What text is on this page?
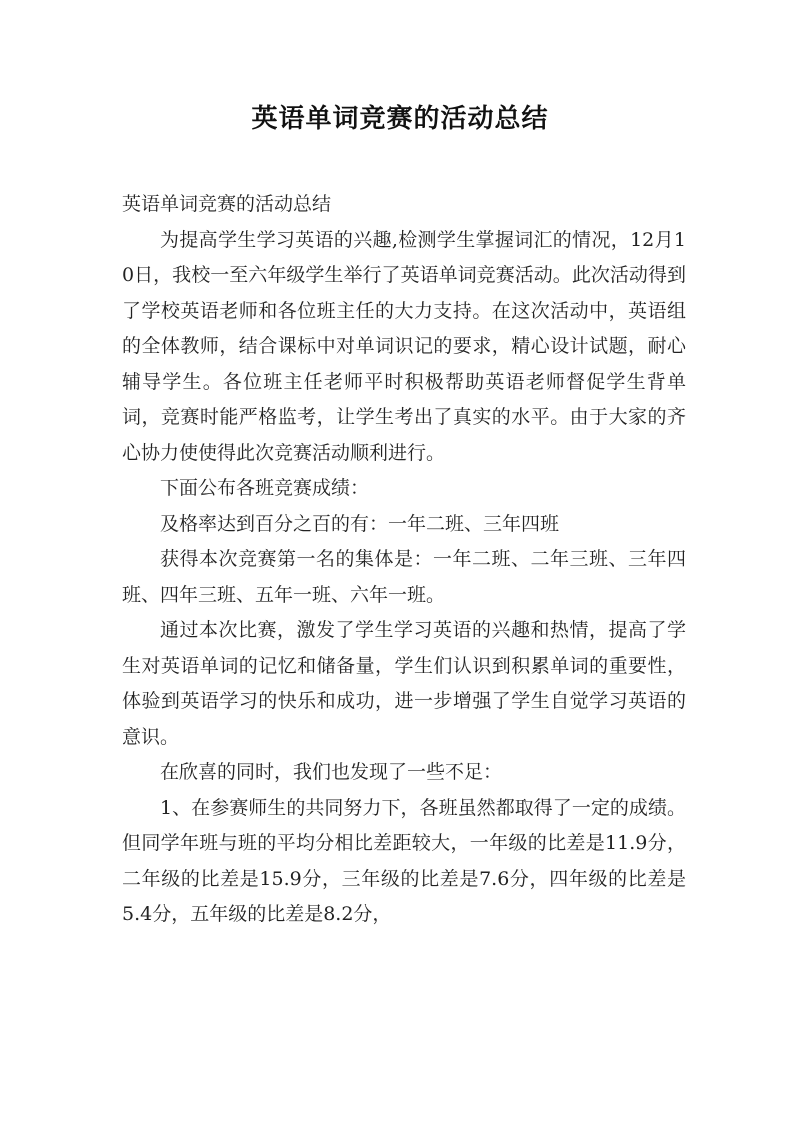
英语单词竞赛的活动总结

英语单词竞赛的活动总结

为提高学生学习英语的兴趣,检测学生掌握词汇的情况，12月10日，我校一至六年级学生举行了英语单词竞赛活动。此次活动得到了学校英语老师和各位班主任的大力支持。在这次活动中，英语组的全体教师，结合课标中对单词识记的要求，精心设计试题，耐心辅导学生。各位班主任老师平时积极帮助英语老师督促学生背单词，竞赛时能严格监考，让学生考出了真实的水平。由于大家的齐心协力使使得此次竞赛活动顺利进行。

下面公布各班竞赛成绩：

及格率达到百分之百的有：一年二班、三年四班

获得本次竞赛第一名的集体是：一年二班、二年三班、三年四班、四年三班、五年一班、六年一班。

通过本次比赛，激发了学生学习英语的兴趣和热情，提高了学生对英语单词的记忆和储备量，学生们认识到积累单词的重要性，体验到英语学习的快乐和成功，进一步增强了学生自觉学习英语的意识。

在欣喜的同时，我们也发现了一些不足：

1、在参赛师生的共同努力下，各班虽然都取得了一定的成绩。但同学年班与班的平均分相比差距较大，一年级的比差是11.9分，二年级的比差是15.9分，三年级的比差是7.6分，四年级的比差是5.4分，五年级的比差是8.2分，
